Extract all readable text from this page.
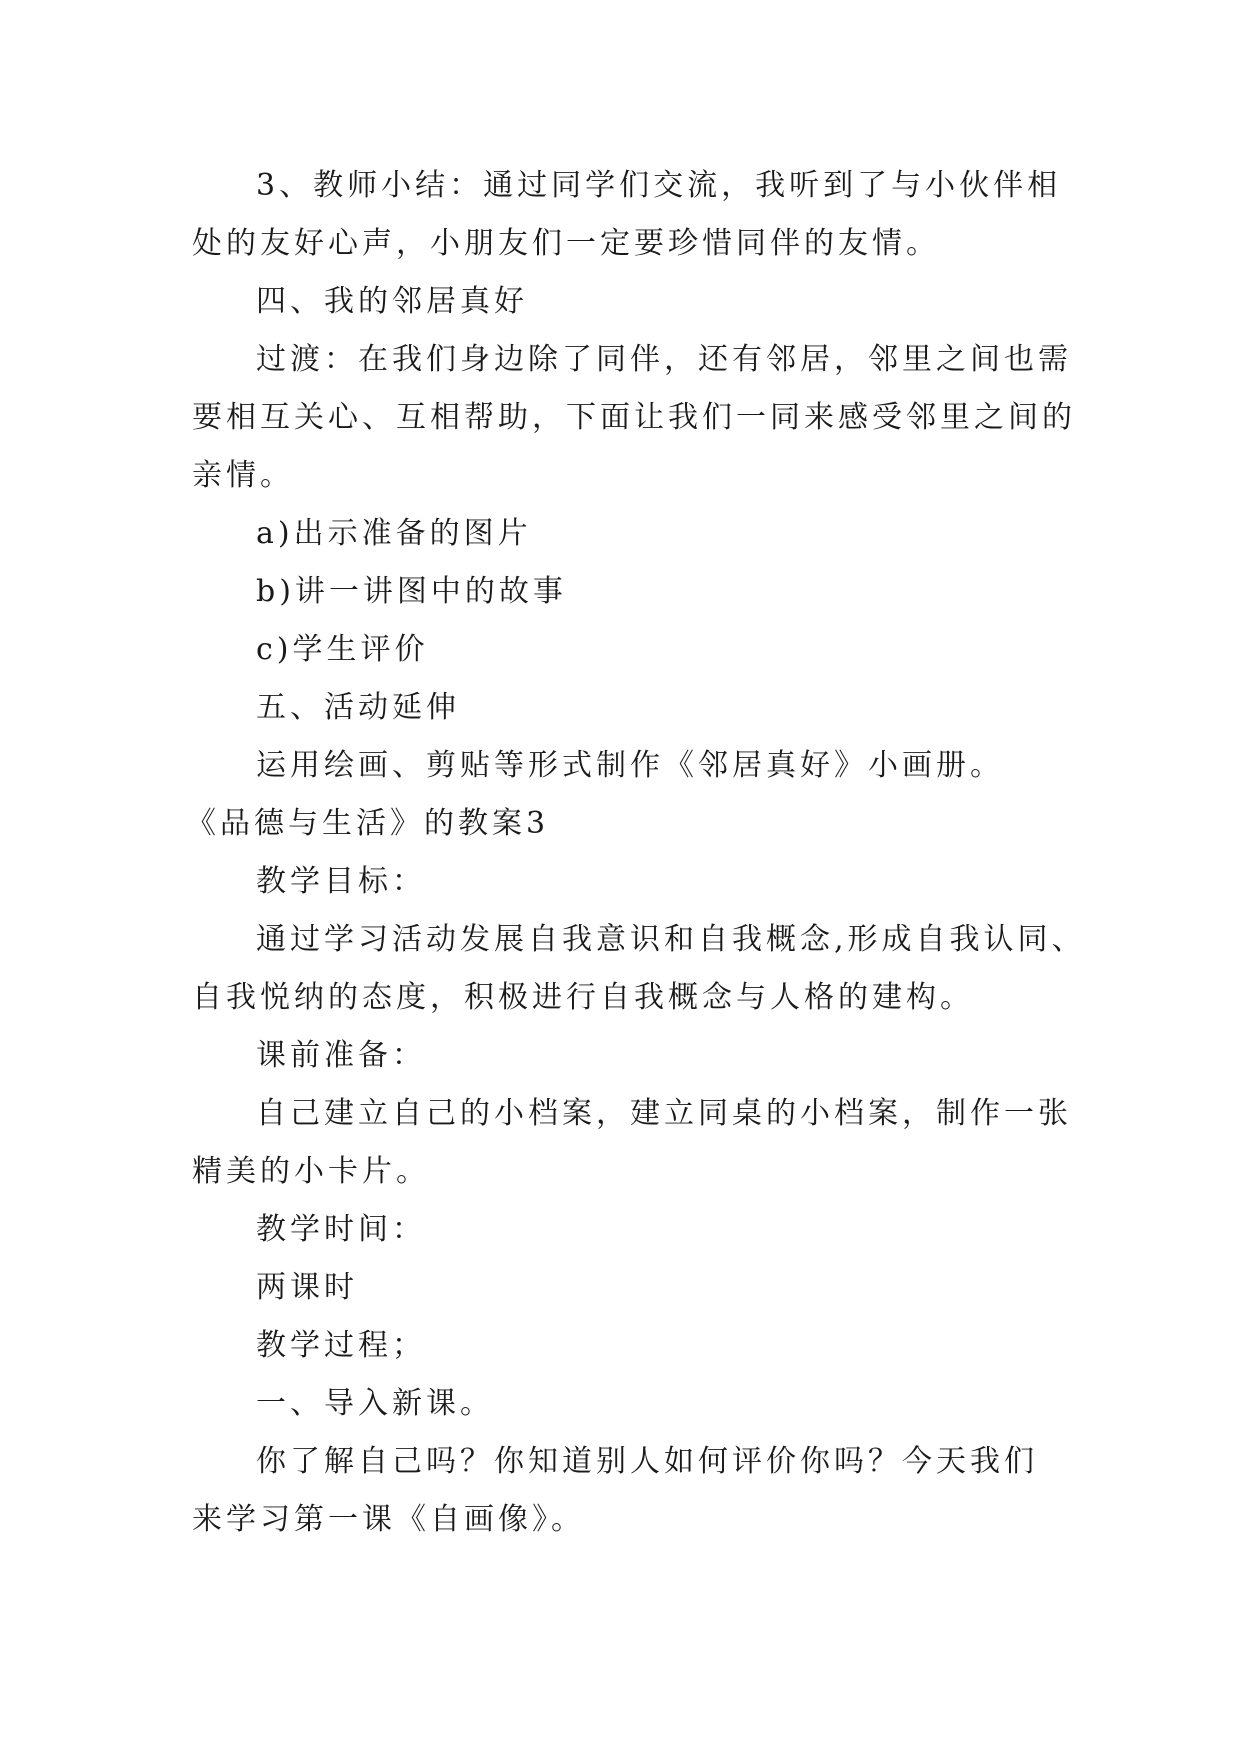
3、教师小结：通过同学们交流，我听到了与小伙伴相
处的友好心声，小朋友们一定要珍惜同伴的友情。
四、我的邻居真好
过渡：在我们身边除了同伴，还有邻居，邻里之间也需
要相互关心、互相帮助，下面让我们一同来感受邻里之间的
亲情。
a)出示准备的图片
b)讲一讲图中的故事
c)学生评价
五、活动延伸
运用绘画、剪贴等形式制作《邻居真好》小画册。
《品德与生活》的教案3
教学目标：
通过学习活动发展自我意识和自我概念,形成自我认同、
自我悦纳的态度，积极进行自我概念与人格的建构。
课前准备：
自己建立自己的小档案，建立同桌的小档案，制作一张
精美的小卡片。
教学时间：
两课时
教学过程；
一、导入新课。
你了解自己吗？你知道别人如何评价你吗？今天我们
来学习第一课《自画像》。
